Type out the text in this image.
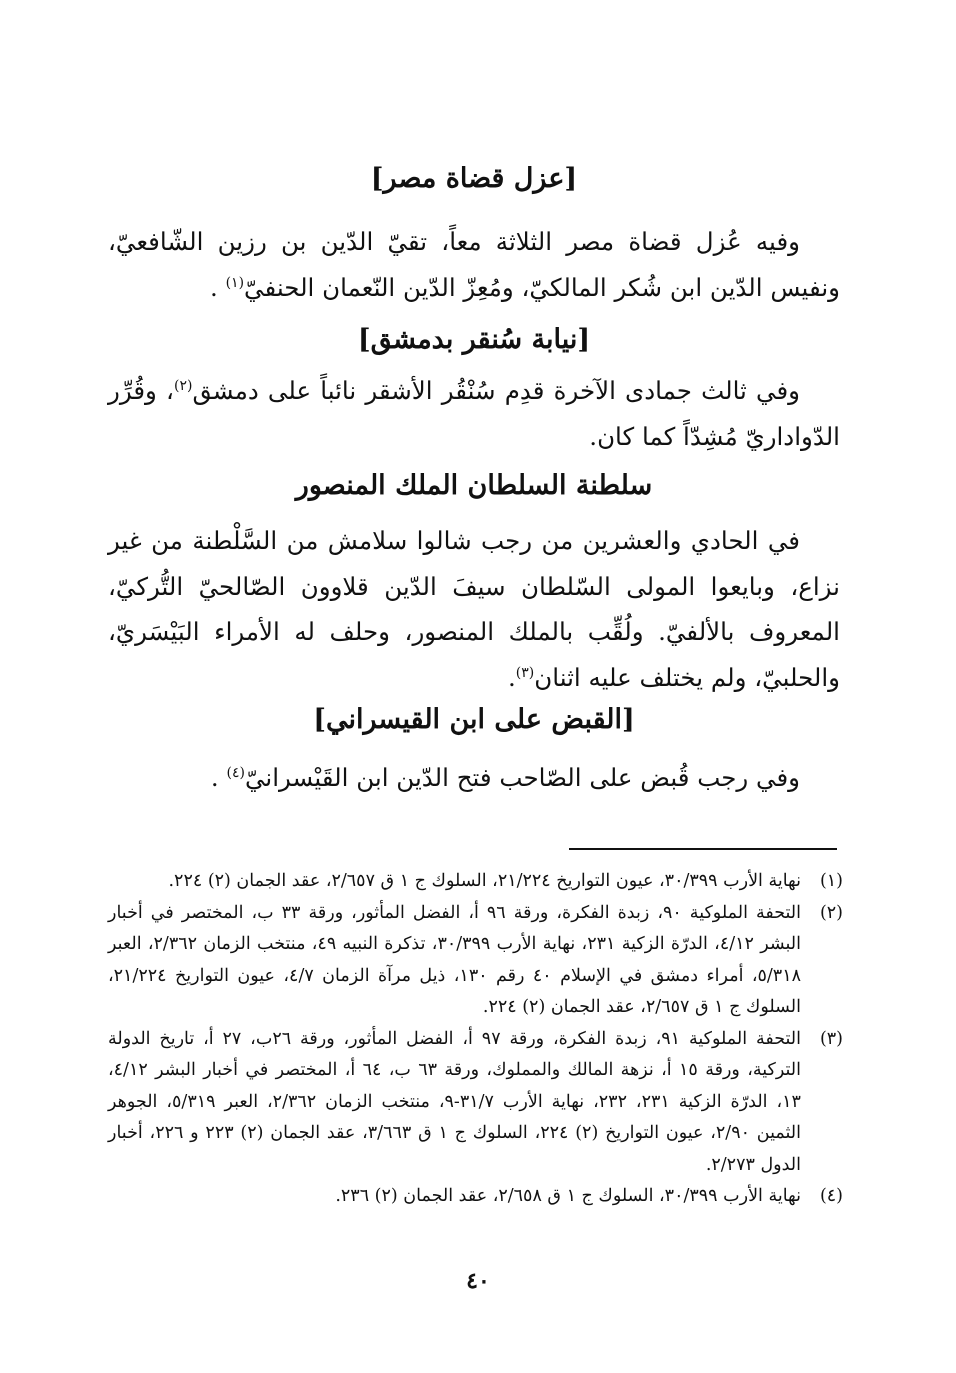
[عزل قضاة مصر]
وفيه عُزل قضاة مصر الثلاثة معاً، تقيّ الدّين بن رزين الشّافعيّ، ونفيس الدّين ابن شُكر المالكيّ، ومُعِزّ الدّين النّعمان الحنفيّ$^{(١)}$ .
[نيابة سُنقر بدمشق]
وفي ثالث جمادى الآخرة قدِم سُنْقُر الأشقر نائباً على دمشق$^{(٢)}$، وقُرِّر الدّواداريّ مُشِدّاً كما كان.
سلطنة السلطان الملك المنصور
في الحادي والعشرين من رجب شالوا سلامش من السَّلْطنة من غير نزاع، وبايعوا المولى السّلطان سيفَ الدّين قلاوون الصّالحيّ التُّركيّ، المعروف بالألفيّ. ولُقِّب بالملك المنصور، وحلف له الأمراء البَيْسَريّ، والحلبيّ، ولم يختلف عليه اثنان$^{(٣)}$.
[القبض على ابن القيسراني]
وفي رجب قُبض على الصّاحب فتح الدّين ابن القَيْسرانيّ$^{(٤)}$ .
(١)
نهاية الأرب ٣٠/٣٩٩، عيون التواريخ ٢١/٢٢٤، السلوك ج ١ ق ٢/٦٥٧، عقد الجمان (٢) ٢٢٤.
(٢)
التحفة الملوكية ٩٠، زبدة الفكرة، ورقة ٩٦ أ، الفضل المأثور، ورقة ٣٣ ب، المختصر في أخبار البشر ٤/١٢، الدرّة الزكية ٢٣١، نهاية الأرب ٣٠/٣٩٩، تذكرة النبيه ٤٩، منتخب الزمان ٢/٣٦٢، العبر ٥/٣١٨، أمراء دمشق في الإسلام ٤٠ رقم ١٣٠، ذيل مرآة الزمان ٤/٧، عيون التواريخ ٢١/٢٢٤، السلوك ج ١ ق ٢/٦٥٧، عقد الجمان (٢) ٢٢٤.
(٣)
التحفة الملوكية ٩١، زبدة الفكرة، ورقة ٩٧ أ، الفضل المأثور، ورقة ٢٦ب، ٢٧ أ، تاريخ الدولة التركية، ورقة ١٥ أ، نزهة المالك والمملوك، ورقة ٦٣ ب، ٦٤ أ، المختصر في أخبار البشر ٤/١٢، ١٣، الدرّة الزكية ٢٣١، ٢٣٢، نهاية الأرب ٣١/٧-٩، منتخب الزمان ٢/٣٦٢، العبر ٥/٣١٩، الجوهر الثمين ٢/٩٠، عيون التواريخ (٢) ٢٢٤، السلوك ج ١ ق ٣/٦٦٣، عقد الجمان (٢) ٢٢٣ و ٢٢٦، أخبار الدول ٢/٢٧٣.
(٤)
نهاية الأرب ٣٠/٣٩٩، السلوك ج ١ ق ٢/٦٥٨، عقد الجمان (٢) ٢٣٦.
٤٠
